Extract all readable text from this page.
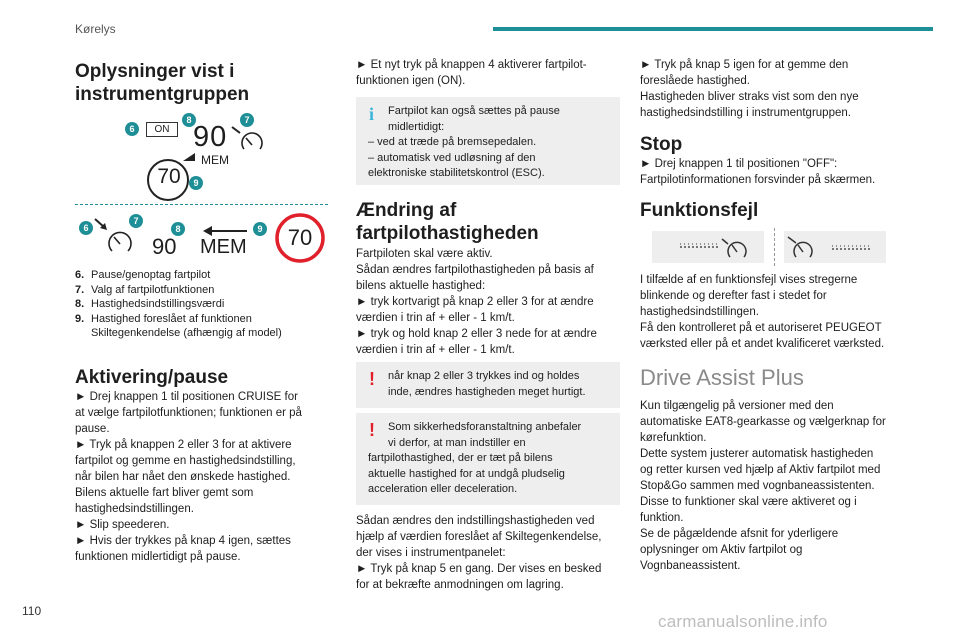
Kørelys
Oplysninger vist i
instrumentgruppen
6	ON
8
90
7
MEM
70	9
6
7
8
90 MEM
9	70
6. Pause/genoptag fartpilot
7. Valg af fartpilotfunktionen
8. Hastighedsindstillingsværdi
9. Hastighed foreslået af funktionen
Skiltegenkendelse (afhængig af model)
Aktivering/pause

► Drej knappen 1 til positionen CRUISE for

at vælge fartpilotfunktionen; funktionen er på

pause.

► Tryk på knappen 2 eller 3 for at aktivere

fartpilot og gemme en hastighedsindstilling,

når bilen har nået den ønskede hastighed.

Bilens aktuelle fart bliver gemt som

hastighedsindstillingen.

► Slip speederen.

► Hvis der trykkes på knap 4 igen, sættes

funktionen midlertidigt på pause.

► Et nyt tryk på knappen 4 aktiverer fartpilot-

funktionen igen (ON).

i	Fartpilot kan også sættes på pause
midlertidigt:
– ved at træde på bremsepedalen.
– automatisk ved udløsning af den
elektroniske stabilitetskontrol (ESC).
Ændring af
fartpilothastigheden

Fartpiloten skal være aktiv.

Sådan ændres fartpilothastigheden på basis af

bilens aktuelle hastighed:

► tryk kortvarigt på knap 2 eller 3 for at ændre

værdien i trin af + eller - 1 km/t.

► tryk og hold knap 2 eller 3 nede for at ændre

værdien i trin af + eller - 1 km/t.

!	når knap 2 eller 3 trykkes ind og holdes
inde, ændres hastigheden meget hurtigt.
!	Som sikkerhedsforanstaltning anbefaler
vi derfor, at man indstiller en
fartpilothastighed, der er tæt på bilens
aktuelle hastighed for at undgå pludselig
acceleration eller deceleration.

Sådan ændres den indstillingshastigheden ved

hjælp af værdien foreslået af Skiltegenkendelse,

der vises i instrumentpanelet:

► Tryk på knap 5 en gang. Der vises en besked

for at bekræfte anmodningen om lagring.

► Tryk på knap 5 igen for at gemme den

foreslåede hastighed.

Hastigheden bliver straks vist som den nye

hastighedsindstilling i instrumentgruppen.

Stop

► Drej knappen 1 til positionen "OFF":

Fartpilotinformationen forsvinder på skærmen.

Funktionsfejl

I tilfælde af en funktionsfejl vises stregerne

blinkende og derefter fast i stedet for

hastighedsindstillingen.

Få den kontrolleret på et autoriseret PEUGEOT

værksted eller på et andet kvalificeret værksted.

Drive Assist Plus

Kun tilgængelig på versioner med den

automatiske EAT8-gearkasse og vælgerknap for

kørefunktion.

Dette system justerer automatisk hastigheden

og retter kursen ved hjælp af Aktiv fartpilot med

Stop&Go sammen med vognbaneassistenten.

Disse to funktioner skal være aktiveret og i

funktion.

Se de pågældende afsnit for yderligere

oplysninger om Aktiv fartpilot og

Vognbaneassistent.

110
carmanualsonline.info
